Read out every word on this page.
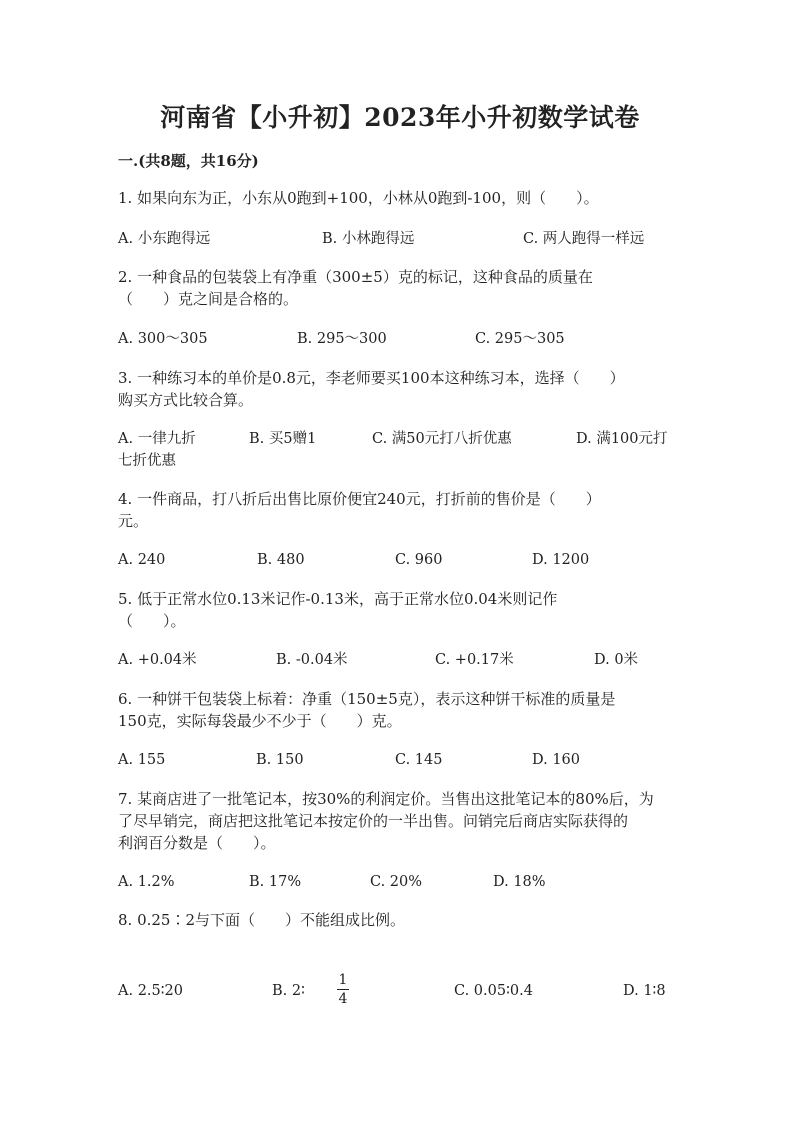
河南省【小升初】2023年小升初数学试卷
一.(共8题，共16分)
1. 如果向东为正，小东从0跑到+100，小林从0跑到-100，则（　　）。
A. 小东跑得远	B. 小林跑得远	C. 两人跑得一样远
2. 一种食品的包装袋上有净重（300±5）克的标记，这种食品的质量在
（　　）克之间是合格的。
A. 300～305	B. 295～300	C. 295～305
3. 一种练习本的单价是0.8元，李老师要买100本这种练习本，选择（　　）
购买方式比较合算。
A. 一律九折	B. 买5赠1	C. 满50元打八折优惠	D. 满100元打
七折优惠
4. 一件商品，打八折后出售比原价便宜240元，打折前的售价是（　　）
元。
A. 240	B. 480	C. 960	D. 1200
5. 低于正常水位0.13米记作-0.13米，高于正常水位0.04米则记作
（　　）。
A. +0.04米	B. -0.04米	C. +0.17米	D. 0米
6. 一种饼干包装袋上标着：净重（150±5克），表示这种饼干标准的质量是
150克，实际每袋最少不少于（　　）克。
A. 155	B. 150	C. 145	D. 160
7. 某商店进了一批笔记本，按30%的利润定价。当售出这批笔记本的80%后，为
了尽早销完，商店把这批笔记本按定价的一半出售。问销完后商店实际获得的
利润百分数是（　　）。
A. 1.2%	B. 17%	C. 20%	D. 18%
8. 0.25∶2与下面（　　）不能组成比例。
A. 2.5∶20	B. 2∶
1
4	C. 0.05∶0.4	D. 1∶8
